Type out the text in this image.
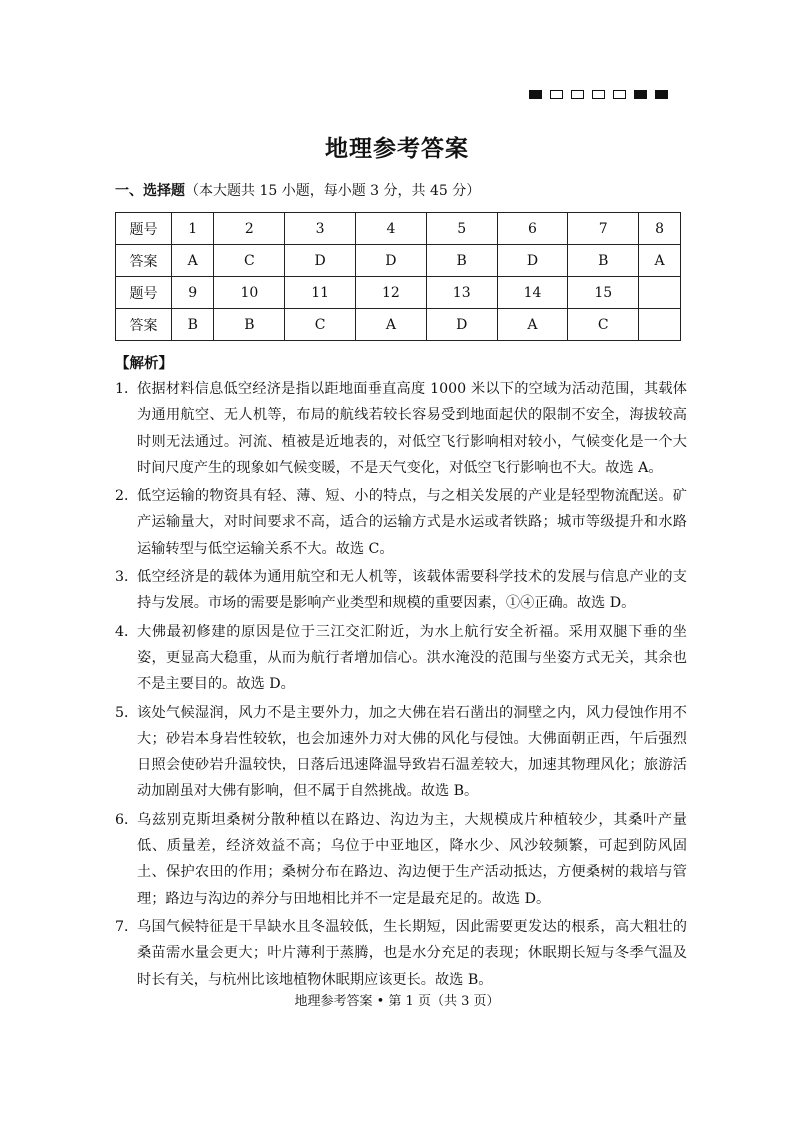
地理参考答案
一、选择题（本大题共 15 小题，每小题 3 分，共 45 分）
题号	1	2	3	4	5	6	7	8
答案	A	C	D	D	B	D	B	A
题号	9	10	11	12	13	14	15	
答案	B	B	C	A	D	A	C	
【解析】
1．
依据材料信息低空经济是指以距地面垂直高度 1000 米以下的空域为活动范围，其载体为通用航空、无人机等，布局的航线若较长容易受到地面起伏的限制不安全，海拔较高时则无法通过。河流、植被是近地表的，对低空飞行影响相对较小，气候变化是一个大时间尺度产生的现象如气候变暖，不是天气变化，对低空飞行影响也不大。故选 A。
2．
低空运输的物资具有轻、薄、短、小的特点，与之相关发展的产业是轻型物流配送。矿产运输量大，对时间要求不高，适合的运输方式是水运或者铁路；城市等级提升和水路运输转型与低空运输关系不大。故选 C。
3．
低空经济是的载体为通用航空和无人机等，该载体需要科学技术的发展与信息产业的支持与发展。市场的需要是影响产业类型和规模的重要因素，①④正确。故选 D。
4．
大佛最初修建的原因是位于三江交汇附近，为水上航行安全祈福。采用双腿下垂的坐姿，更显高大稳重，从而为航行者增加信心。洪水淹没的范围与坐姿方式无关，其余也不是主要目的。故选 D。
5．
该处气候湿润，风力不是主要外力，加之大佛在岩石凿出的洞壁之内，风力侵蚀作用不大；砂岩本身岩性较软，也会加速外力对大佛的风化与侵蚀。大佛面朝正西，午后强烈日照会使砂岩升温较快，日落后迅速降温导致岩石温差较大，加速其物理风化；旅游活动加剧虽对大佛有影响，但不属于自然挑战。故选 B。
6．
乌兹别克斯坦桑树分散种植以在路边、沟边为主，大规模成片种植较少，其桑叶产量低、质量差，经济效益不高；乌位于中亚地区，降水少、风沙较频繁，可起到防风固土、保护农田的作用；桑树分布在路边、沟边便于生产活动抵达，方便桑树的栽培与管理；路边与沟边的养分与田地相比并不一定是最充足的。故选 D。
7．
乌国气候特征是干旱缺水且冬温较低，生长期短，因此需要更发达的根系，高大粗壮的桑苗需水量会更大；叶片薄利于蒸腾，也是水分充足的表现；休眠期长短与冬季气温及时长有关，与杭州比该地植物休眠期应该更长。故选 B。
地理参考答案 • 第 1 页（共 3 页）
